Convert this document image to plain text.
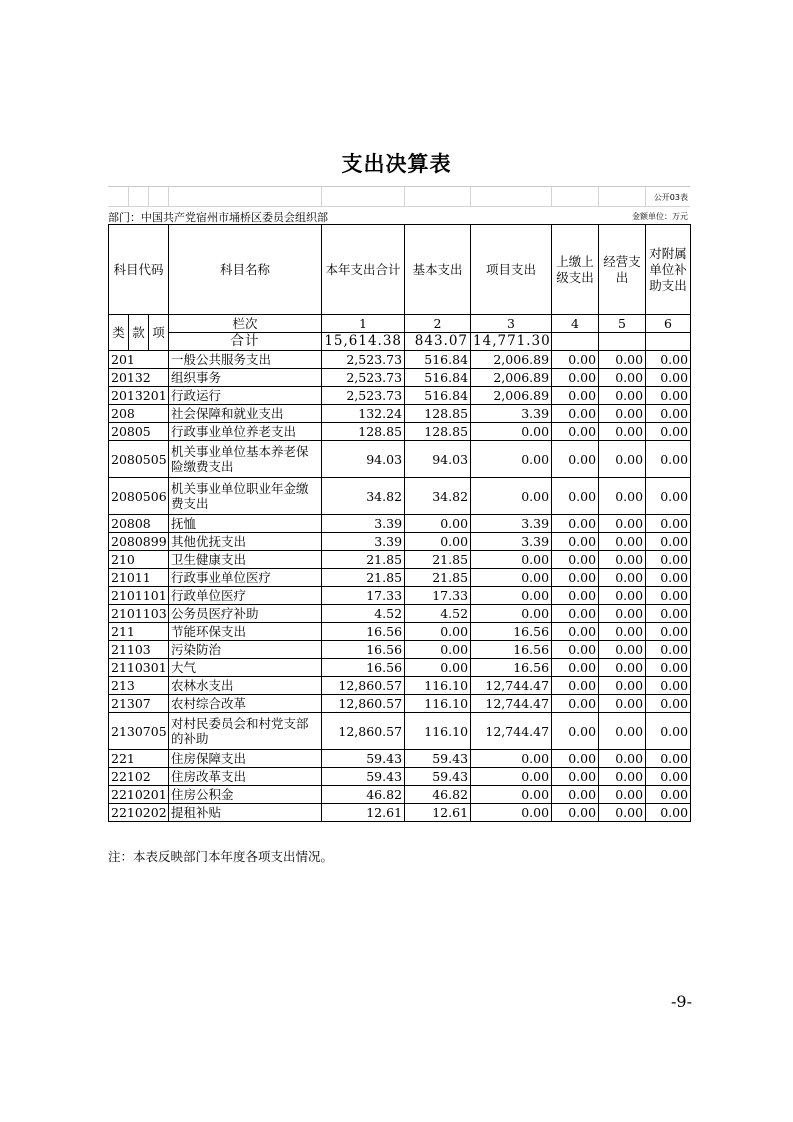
支出决算表
公开03表
部门：中国共产党宿州市埇桥区委员会组织部	金额单位：万元
科目代码			科目名称	本年支出合计	基本支出	项目支出	上缴上级支出	经营支出	对附属单位补助支出
类	款	项	栏次	1	2	3	4	5	6
			合计	15,614.38	843.07	14,771.30			
201			一般公共服务支出	2,523.73	516.84	2,006.89	0.00	0.00	0.00
20132			组织事务	2,523.73	516.84	2,006.89	0.00	0.00	0.00
2013201			行政运行	2,523.73	516.84	2,006.89	0.00	0.00	0.00
208			社会保障和就业支出	132.24	128.85	3.39	0.00	0.00	0.00
20805			行政事业单位养老支出	128.85	128.85	0.00	0.00	0.00	0.00
2080505			机关事业单位基本养老保险缴费支出	94.03	94.03	0.00	0.00	0.00	0.00
2080506			机关事业单位职业年金缴费支出	34.82	34.82	0.00	0.00	0.00	0.00
20808			抚恤	3.39	0.00	3.39	0.00	0.00	0.00
2080899			其他优抚支出	3.39	0.00	3.39	0.00	0.00	0.00
210			卫生健康支出	21.85	21.85	0.00	0.00	0.00	0.00
21011			行政事业单位医疗	21.85	21.85	0.00	0.00	0.00	0.00
2101101			行政单位医疗	17.33	17.33	0.00	0.00	0.00	0.00
2101103			公务员医疗补助	4.52	4.52	0.00	0.00	0.00	0.00
211			节能环保支出	16.56	0.00	16.56	0.00	0.00	0.00
21103			污染防治	16.56	0.00	16.56	0.00	0.00	0.00
2110301			大气	16.56	0.00	16.56	0.00	0.00	0.00
213			农林水支出	12,860.57	116.10	12,744.47	0.00	0.00	0.00
21307			农村综合改革	12,860.57	116.10	12,744.47	0.00	0.00	0.00
2130705			对村民委员会和村党支部的补助	12,860.57	116.10	12,744.47	0.00	0.00	0.00
221			住房保障支出	59.43	59.43	0.00	0.00	0.00	0.00
22102			住房改革支出	59.43	59.43	0.00	0.00	0.00	0.00
2210201			住房公积金	46.82	46.82	0.00	0.00	0.00	0.00
2210202			提租补贴	12.61	12.61	0.00	0.00	0.00	0.00
注：本表反映部门本年度各项支出情况。
-9-
